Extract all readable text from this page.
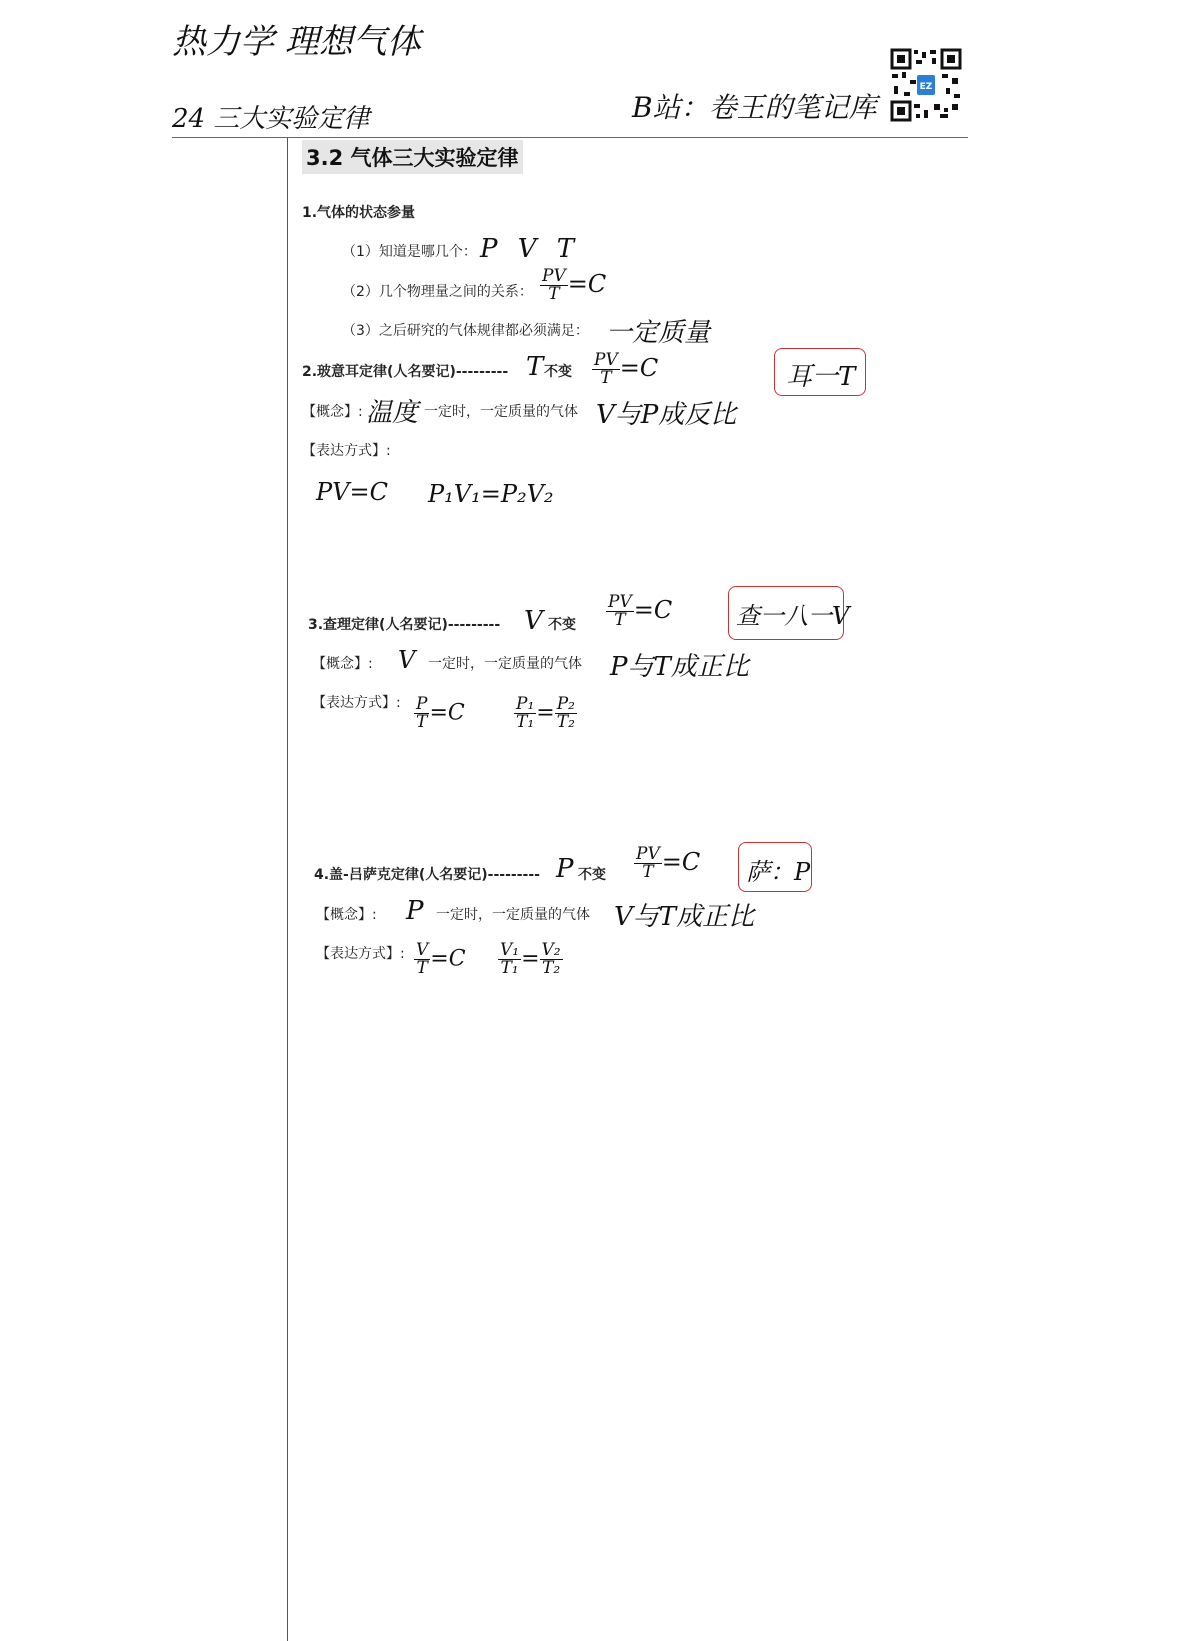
热力学 理想气体
24 三大实验定律	B站：卷王的笔记库
EZ
3.2 气体三大实验定律
1.气体的状态参量
（1）知道是哪几个： P V T
（2）几个物理量之间的关系： $\frac{PV}{T} =C$
（3）之后研究的气体规律都必须满足： 一定质量
2.玻意耳定律(人名要记)--------- T 不变 $\frac{PV}{T} =C$	耳一T
【概念】: 温度 一定时，一定质量的气体 V与P成反比
【表达方式】:
PV=C P₁V₁=P₂V₂
3.查理定律(人名要记)--------- V 不变 $\frac{PV}{T} =C$	查一八一V
【概念】: V 一定时，一定质量的气体 P与T成正比
【表达方式】: $\frac{P}{T} =C$	$\frac{\text{P₁}}{\text{T₁}} = \frac{\text{P₂}}{\text{T₂}}$
4.盖-吕萨克定律(人名要记)--------- P 不变 $\frac{PV}{T} =C$ 萨：P
【概念】: P 一定时，一定质量的气体 V与T成正比
【表达方式】: $\frac{V}{T} =C \frac{\text{V₁}}{\text{T₁}} = \frac{\text{V₂}}{\text{T₂}}$
